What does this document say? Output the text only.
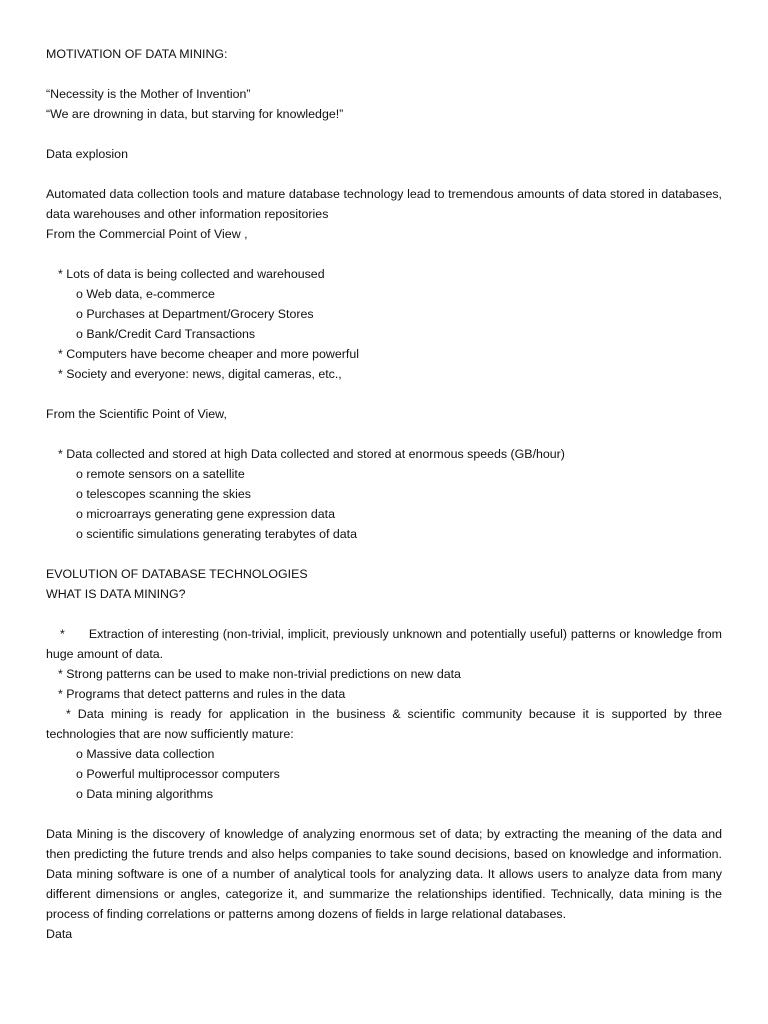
MOTIVATION OF DATA MINING:
“Necessity is the Mother of Invention”
“We are drowning in data, but starving for knowledge!”
Data explosion
Automated data collection tools and mature database technology lead to tremendous amounts of data stored in databases, data warehouses and other information repositories
From the Commercial Point of View ,
* Lots of data is being collected and warehoused
o Web data, e-commerce
o Purchases at Department/Grocery Stores
o Bank/Credit Card Transactions
* Computers have become cheaper and more powerful
* Society and everyone: news, digital cameras, etc.,
From the Scientific Point of View,
* Data collected and stored at high Data collected and stored at enormous speeds (GB/hour)
o remote sensors on a satellite
o telescopes scanning the skies
o microarrays generating gene expression data
o scientific simulations generating terabytes of data
EVOLUTION OF DATABASE TECHNOLOGIES
WHAT IS DATA MINING?
* Extraction of interesting (non-trivial, implicit, previously unknown and potentially useful) patterns or knowledge from huge amount of data.
* Strong patterns can be used to make non-trivial predictions on new data
* Programs that detect patterns and rules in the data
* Data mining is ready for application in the business & scientific community because it is supported by three technologies that are now sufficiently mature:
o Massive data collection
o Powerful multiprocessor computers
o Data mining algorithms
Data Mining is the discovery of knowledge of analyzing enormous set of data; by extracting the meaning of the data and then predicting the future trends and also helps companies to take sound decisions, based on knowledge and information. Data mining software is one of a number of analytical tools for analyzing data. It allows users to analyze data from many different dimensions or angles, categorize it, and summarize the relationships identified. Technically, data mining is the process of finding correlations or patterns among dozens of fields in large relational databases.
Data
